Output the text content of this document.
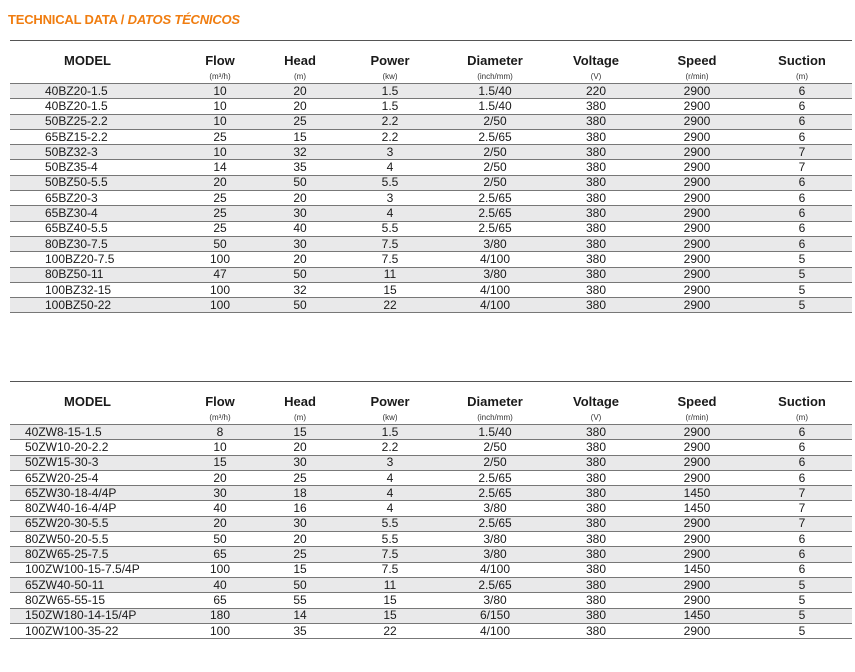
TECHNICAL DATA / DATOS TÉCNICOS
MODEL	Flow	Head	Power	Diameter	Voltage	Speed	Suction
	(m³/h)	(m)	(kw)	(inch/mm)	(V)	(r/min)	(m)
40BZ20-1.5	10	20	1.5	1.5/40	220	2900	6
40BZ20-1.5	10	20	1.5	1.5/40	380	2900	6
50BZ25-2.2	10	25	2.2	2/50	380	2900	6
65BZ15-2.2	25	15	2.2	2.5/65	380	2900	6
50BZ32-3	10	32	3	2/50	380	2900	7
50BZ35-4	14	35	4	2/50	380	2900	7
50BZ50-5.5	20	50	5.5	2/50	380	2900	6
65BZ20-3	25	20	3	2.5/65	380	2900	6
65BZ30-4	25	30	4	2.5/65	380	2900	6
65BZ40-5.5	25	40	5.5	2.5/65	380	2900	6
80BZ30-7.5	50	30	7.5	3/80	380	2900	6
100BZ20-7.5	100	20	7.5	4/100	380	2900	5
80BZ50-11	47	50	11	3/80	380	2900	5
100BZ32-15	100	32	15	4/100	380	2900	5
100BZ50-22	100	50	22	4/100	380	2900	5
MODEL	Flow	Head	Power	Diameter	Voltage	Speed	Suction
	(m³/h)	(m)	(kw)	(inch/mm)	(V)	(r/min)	(m)
40ZW8-15-1.5	8	15	1.5	1.5/40	380	2900	6
50ZW10-20-2.2	10	20	2.2	2/50	380	2900	6
50ZW15-30-3	15	30	3	2/50	380	2900	6
65ZW20-25-4	20	25	4	2.5/65	380	2900	6
65ZW30-18-4/4P	30	18	4	2.5/65	380	1450	7
80ZW40-16-4/4P	40	16	4	3/80	380	1450	7
65ZW20-30-5.5	20	30	5.5	2.5/65	380	2900	7
80ZW50-20-5.5	50	20	5.5	3/80	380	2900	6
80ZW65-25-7.5	65	25	7.5	3/80	380	2900	6
100ZW100-15-7.5/4P	100	15	7.5	4/100	380	1450	6
65ZW40-50-11	40	50	11	2.5/65	380	2900	5
80ZW65-55-15	65	55	15	3/80	380	2900	5
150ZW180-14-15/4P	180	14	15	6/150	380	1450	5
100ZW100-35-22	100	35	22	4/100	380	2900	5
